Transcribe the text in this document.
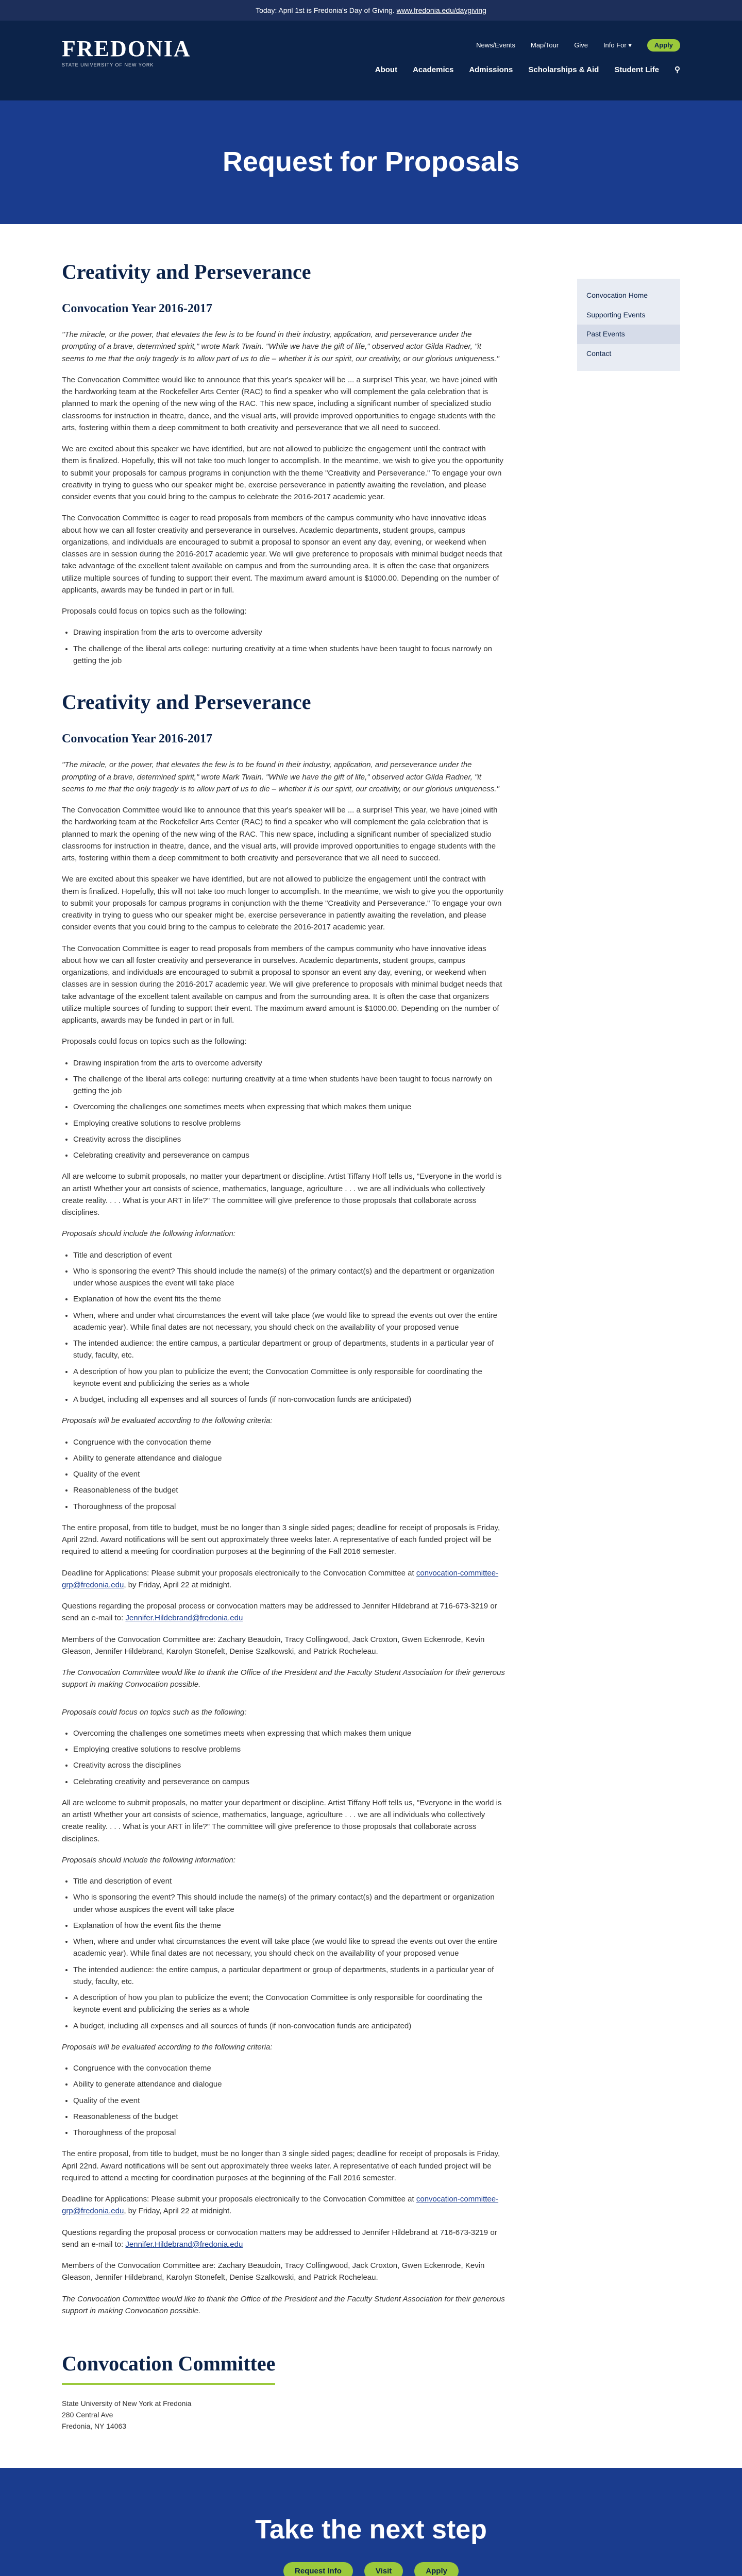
Today: April 1st is Fredonia's Day of Giving. www.fredonia.edu/daygiving
FREDONIA
STATE UNIVERSITY OF NEW YORK
News/Events Map/Tour Give Info For ▾	Apply
About Academics Admissions Scholarships & Aid Student Life ⚲
Request for Proposals
Convocation Home
Supporting Events
Past Events
Contact
Creativity and Perseverance
Convocation Year 2016-2017

"The miracle, or the power, that elevates the few is to be found in their industry, application, and perseverance under the prompting of a brave, determined spirit," wrote Mark Twain. "While we have the gift of life," observed actor Gilda Radner, "it seems to me that the only tragedy is to allow part of us to die – whether it is our spirit, our creativity, or our glorious uniqueness."

The Convocation Committee would like to announce that this year's speaker will be ... a surprise! This year, we have joined with the hardworking team at the Rockefeller Arts Center (RAC) to find a speaker who will complement the gala celebration that is planned to mark the opening of the new wing of the RAC. This new space, including a significant number of specialized studio classrooms for instruction in theatre, dance, and the visual arts, will provide improved opportunities to engage students with the arts, fostering within them a deep commitment to both creativity and perseverance that we all need to succeed.

We are excited about this speaker we have identified, but are not allowed to publicize the engagement until the contract with them is finalized. Hopefully, this will not take too much longer to accomplish. In the meantime, we wish to give you the opportunity to submit your proposals for campus programs in conjunction with the theme "Creativity and Perseverance." To engage your own creativity in trying to guess who our speaker might be, exercise perseverance in patiently awaiting the revelation, and please consider events that you could bring to the campus to celebrate the 2016-2017 academic year.

The Convocation Committee is eager to read proposals from members of the campus community who have innovative ideas about how we can all foster creativity and perseverance in ourselves. Academic departments, student groups, campus organizations, and individuals are encouraged to submit a proposal to sponsor an event any day, evening, or weekend when classes are in session during the 2016-2017 academic year. We will give preference to proposals with minimal budget needs that take advantage of the excellent talent available on campus and from the surrounding area. It is often the case that organizers utilize multiple sources of funding to support their event. The maximum award amount is $1000.00. Depending on the number of applicants, awards may be funded in part or in full.

Proposals could focus on topics such as the following:

• Drawing inspiration from the arts to overcome adversity
• The challenge of the liberal arts college: nurturing creativity at a time when students have been taught to focus narrowly on getting the job
Creativity and Perseverance
Convocation Year 2016-2017

"The miracle, or the power, that elevates the few is to be found in their industry, application, and perseverance under the prompting of a brave, determined spirit," wrote Mark Twain. "While we have the gift of life," observed actor Gilda Radner, "it seems to me that the only tragedy is to allow part of us to die – whether it is our spirit, our creativity, or our glorious uniqueness."

The Convocation Committee would like to announce that this year's speaker will be ... a surprise! This year, we have joined with the hardworking team at the Rockefeller Arts Center (RAC) to find a speaker who will complement the gala celebration that is planned to mark the opening of the new wing of the RAC. This new space, including a significant number of specialized studio classrooms for instruction in theatre, dance, and the visual arts, will provide improved opportunities to engage students with the arts, fostering within them a deep commitment to both creativity and perseverance that we all need to succeed.

We are excited about this speaker we have identified, but are not allowed to publicize the engagement until the contract with them is finalized. Hopefully, this will not take too much longer to accomplish. In the meantime, we wish to give you the opportunity to submit your proposals for campus programs in conjunction with the theme "Creativity and Perseverance." To engage your own creativity in trying to guess who our speaker might be, exercise perseverance in patiently awaiting the revelation, and please consider events that you could bring to the campus to celebrate the 2016-2017 academic year.

The Convocation Committee is eager to read proposals from members of the campus community who have innovative ideas about how we can all foster creativity and perseverance in ourselves. Academic departments, student groups, campus organizations, and individuals are encouraged to submit a proposal to sponsor an event any day, evening, or weekend when classes are in session during the 2016-2017 academic year. We will give preference to proposals with minimal budget needs that take advantage of the excellent talent available on campus and from the surrounding area. It is often the case that organizers utilize multiple sources of funding to support their event. The maximum award amount is $1000.00. Depending on the number of applicants, awards may be funded in part or in full.

Proposals could focus on topics such as the following:

• Drawing inspiration from the arts to overcome adversity
• The challenge of the liberal arts college: nurturing creativity at a time when students have been taught to focus narrowly on getting the job
• Overcoming the challenges one sometimes meets when expressing that which makes them unique
• Employing creative solutions to resolve problems
• Creativity across the disciplines
• Celebrating creativity and perseverance on campus

All are welcome to submit proposals, no matter your department or discipline. Artist Tiffany Hoff tells us, "Everyone in the world is an artist! Whether your art consists of science, mathematics, language, agriculture . . . we are all individuals who collectively create reality. . . . What is your ART in life?" The committee will give preference to those proposals that collaborate across disciplines.

Proposals should include the following information:

• Title and description of event
• Who is sponsoring the event? This should include the name(s) of the primary contact(s) and the department or organization under whose auspices the event will take place
• Explanation of how the event fits the theme
• When, where and under what circumstances the event will take place (we would like to spread the events out over the entire academic year). While final dates are not necessary, you should check on the availability of your proposed venue
• The intended audience: the entire campus, a particular department or group of departments, students in a particular year of study, faculty, etc.
• A description of how you plan to publicize the event; the Convocation Committee is only responsible for coordinating the keynote event and publicizing the series as a whole
• A budget, including all expenses and all sources of funds (if non-convocation funds are anticipated)

Proposals will be evaluated according to the following criteria:

• Congruence with the convocation theme
• Ability to generate attendance and dialogue
• Quality of the event
• Reasonableness of the budget
• Thoroughness of the proposal

The entire proposal, from title to budget, must be no longer than 3 single sided pages; deadline for receipt of proposals is Friday, April 22nd. Award notifications will be sent out approximately three weeks later. A representative of each funded project will be required to attend a meeting for coordination purposes at the beginning of the Fall 2016 semester.

Deadline for Applications: Please submit your proposals electronically to the Convocation Committee at convocation-committee-grp@fredonia.edu, by Friday, April 22 at midnight.

Questions regarding the proposal process or convocation matters may be addressed to Jennifer Hildebrand at 716-673-3219 or send an e-mail to: Jennifer.Hildebrand@fredonia.edu

Members of the Convocation Committee are: Zachary Beaudoin, Tracy Collingwood, Jack Croxton, Gwen Eckenrode, Kevin Gleason, Jennifer Hildebrand, Karolyn Stonefelt, Denise Szalkowski, and Patrick Rocheleau.

The Convocation Committee would like to thank the Office of the President and the Faculty Student Association for their generous support in making Convocation possible.

Proposals could focus on topics such as the following:

• Overcoming the challenges one sometimes meets when expressing that which makes them unique
• Employing creative solutions to resolve problems
• Creativity across the disciplines
• Celebrating creativity and perseverance on campus

All are welcome to submit proposals, no matter your department or discipline. Artist Tiffany Hoff tells us, "Everyone in the world is an artist! Whether your art consists of science, mathematics, language, agriculture . . . we are all individuals who collectively create reality. . . . What is your ART in life?" The committee will give preference to those proposals that collaborate across disciplines.

Proposals should include the following information:

• Title and description of event
• Who is sponsoring the event? This should include the name(s) of the primary contact(s) and the department or organization under whose auspices the event will take place
• Explanation of how the event fits the theme
• When, where and under what circumstances the event will take place (we would like to spread the events out over the entire academic year). While final dates are not necessary, you should check on the availability of your proposed venue
• The intended audience: the entire campus, a particular department or group of departments, students in a particular year of study, faculty, etc.
• A description of how you plan to publicize the event; the Convocation Committee is only responsible for coordinating the keynote event and publicizing the series as a whole
• A budget, including all expenses and all sources of funds (if non-convocation funds are anticipated)

Proposals will be evaluated according to the following criteria:

• Congruence with the convocation theme
• Ability to generate attendance and dialogue
• Quality of the event
• Reasonableness of the budget
• Thoroughness of the proposal

The entire proposal, from title to budget, must be no longer than 3 single sided pages; deadline for receipt of proposals is Friday, April 22nd. Award notifications will be sent out approximately three weeks later. A representative of each funded project will be required to attend a meeting for coordination purposes at the beginning of the Fall 2016 semester.

Deadline for Applications: Please submit your proposals electronically to the Convocation Committee at convocation-committee-grp@fredonia.edu, by Friday, April 22 at midnight.

Questions regarding the proposal process or convocation matters may be addressed to Jennifer Hildebrand at 716-673-3219 or send an e-mail to: Jennifer.Hildebrand@fredonia.edu

Members of the Convocation Committee are: Zachary Beaudoin, Tracy Collingwood, Jack Croxton, Gwen Eckenrode, Kevin Gleason, Jennifer Hildebrand, Karolyn Stonefelt, Denise Szalkowski, and Patrick Rocheleau.

The Convocation Committee would like to thank the Office of the President and the Faculty Student Association for their generous support in making Convocation possible.

Convocation Committee
State University of New York at Fredonia
280 Central Ave
Fredonia, NY 14063
Take the next step
Request Info	Visit	Apply
